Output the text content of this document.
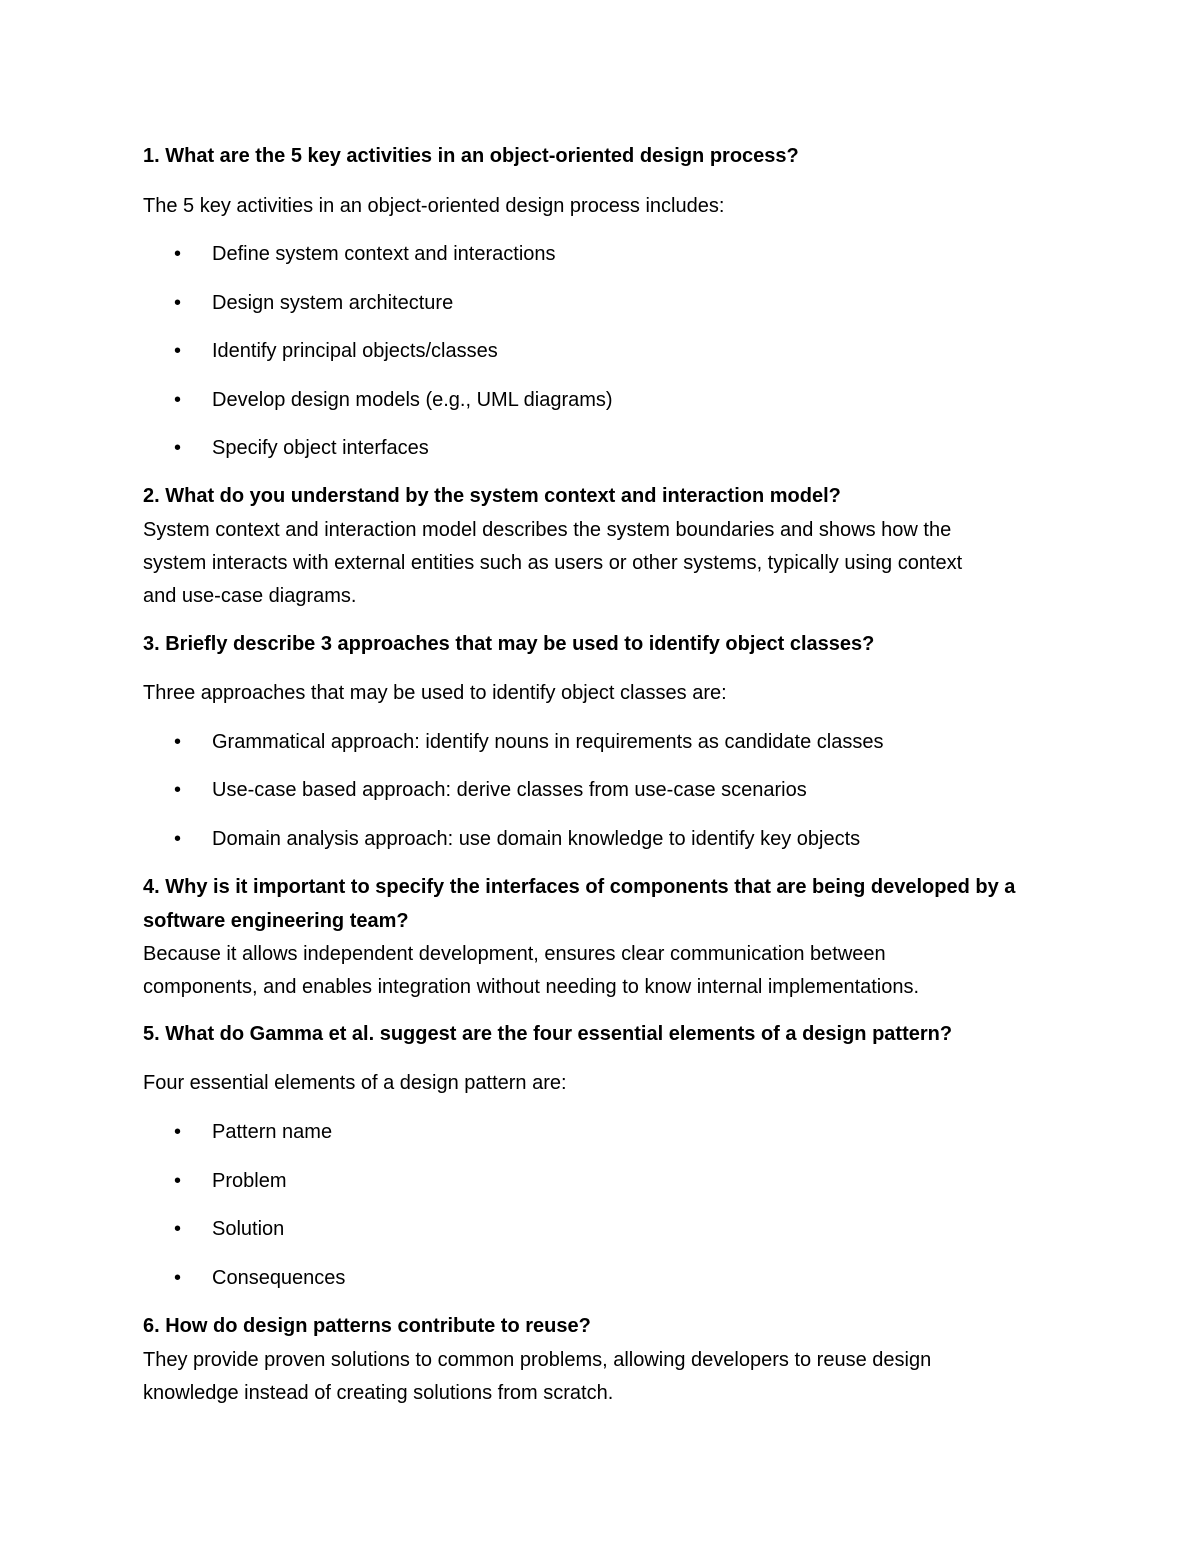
1. What are the 5 key activities in an object-oriented design process?

The 5 key activities in an object-oriented design process includes:

• Define system context and interactions

• Design system architecture

• Identify principal objects/classes

• Develop design models (e.g., UML diagrams)

• Specify object interfaces

2. What do you understand by the system context and interaction model?

System context and interaction model describes the system boundaries and shows how the

system interacts with external entities such as users or other systems, typically using context

and use-case diagrams.

3. Briefly describe 3 approaches that may be used to identify object classes?

Three approaches that may be used to identify object classes are:

• Grammatical approach: identify nouns in requirements as candidate classes

• Use-case based approach: derive classes from use-case scenarios

• Domain analysis approach: use domain knowledge to identify key objects

4. Why is it important to specify the interfaces of components that are being developed by a

software engineering team?

Because it allows independent development, ensures clear communication between

components, and enables integration without needing to know internal implementations.

5. What do Gamma et al. suggest are the four essential elements of a design pattern?

Four essential elements of a design pattern are:

• Pattern name

• Problem

• Solution

• Consequences

6. How do design patterns contribute to reuse?

They provide proven solutions to common problems, allowing developers to reuse design

knowledge instead of creating solutions from scratch.
